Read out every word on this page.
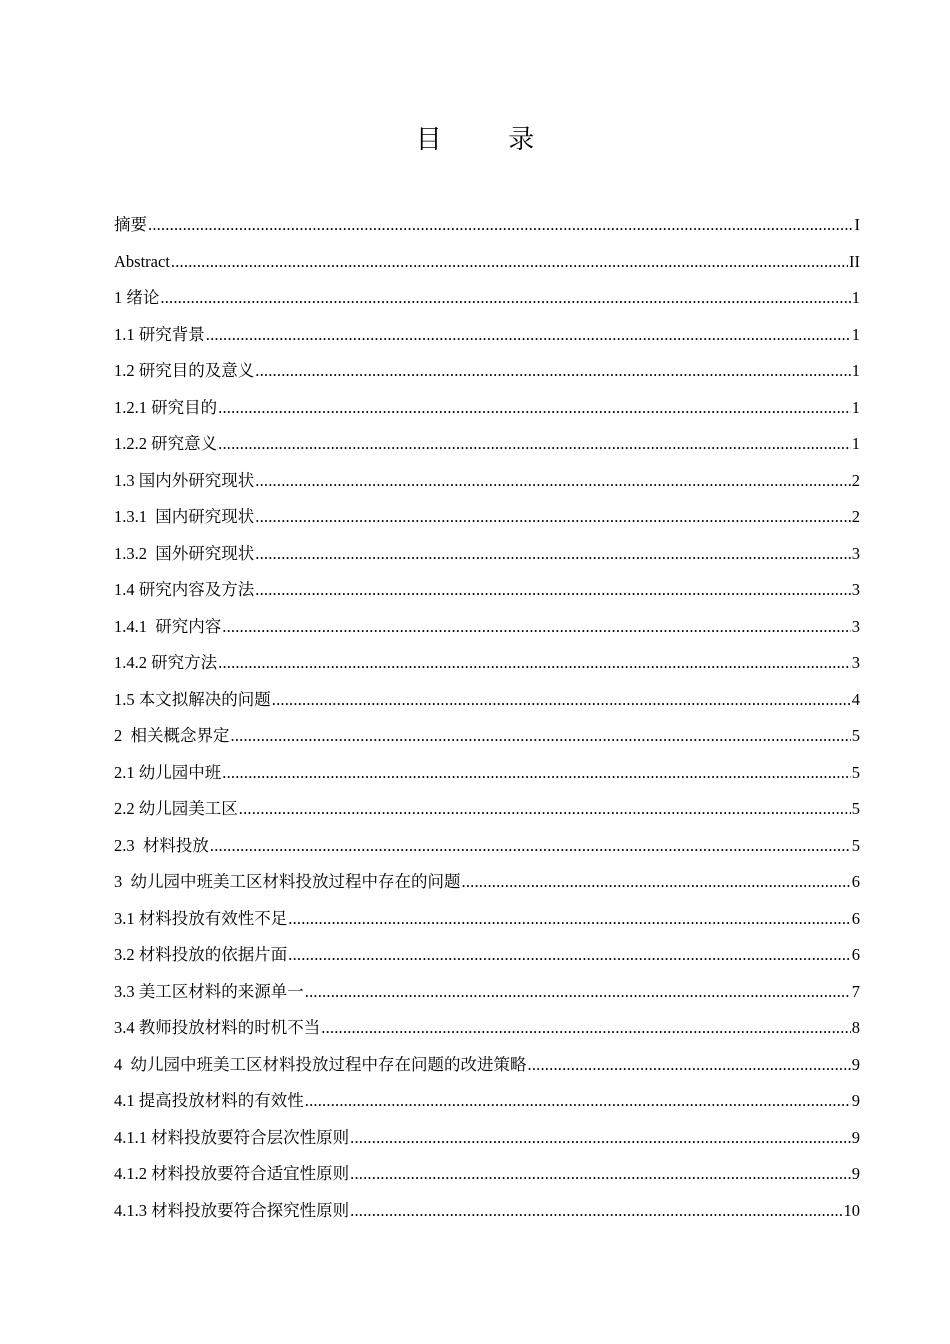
目 录
摘要 .....	I
Abstract .....	II
1 绪论 .....	1
1.1 研究背景 .....	1
1.2 研究目的及意义 .....	1
1.2.1 研究目的 .....	1
1.2.2 研究意义 .....	1
1.3 国内外研究现状 .....	2
1.3.1  国内研究现状 .....	2
1.3.2  国外研究现状 .....	3
1.4 研究内容及方法 .....	3
1.4.1  研究内容 .....	3
1.4.2 研究方法 .....	3
1.5 本文拟解决的问题 .....	4
2  相关概念界定 .....	5
2.1 幼儿园中班 .....	5
2.2 幼儿园美工区 .....	5
2.3  材料投放 .....	5
3  幼儿园中班美工区材料投放过程中存在的问题 .....	6
3.1 材料投放有效性不足 .....	6
3.2 材料投放的依据片面 .....	6
3.3 美工区材料的来源单一 .....	7
3.4 教师投放材料的时机不当 .....	8
4  幼儿园中班美工区材料投放过程中存在问题的改进策略 .....	9
4.1 提高投放材料的有效性 .....	9
4.1.1 材料投放要符合层次性原则 .....	9
4.1.2 材料投放要符合适宜性原则 .....	9
4.1.3 材料投放要符合探究性原则 .....	10
